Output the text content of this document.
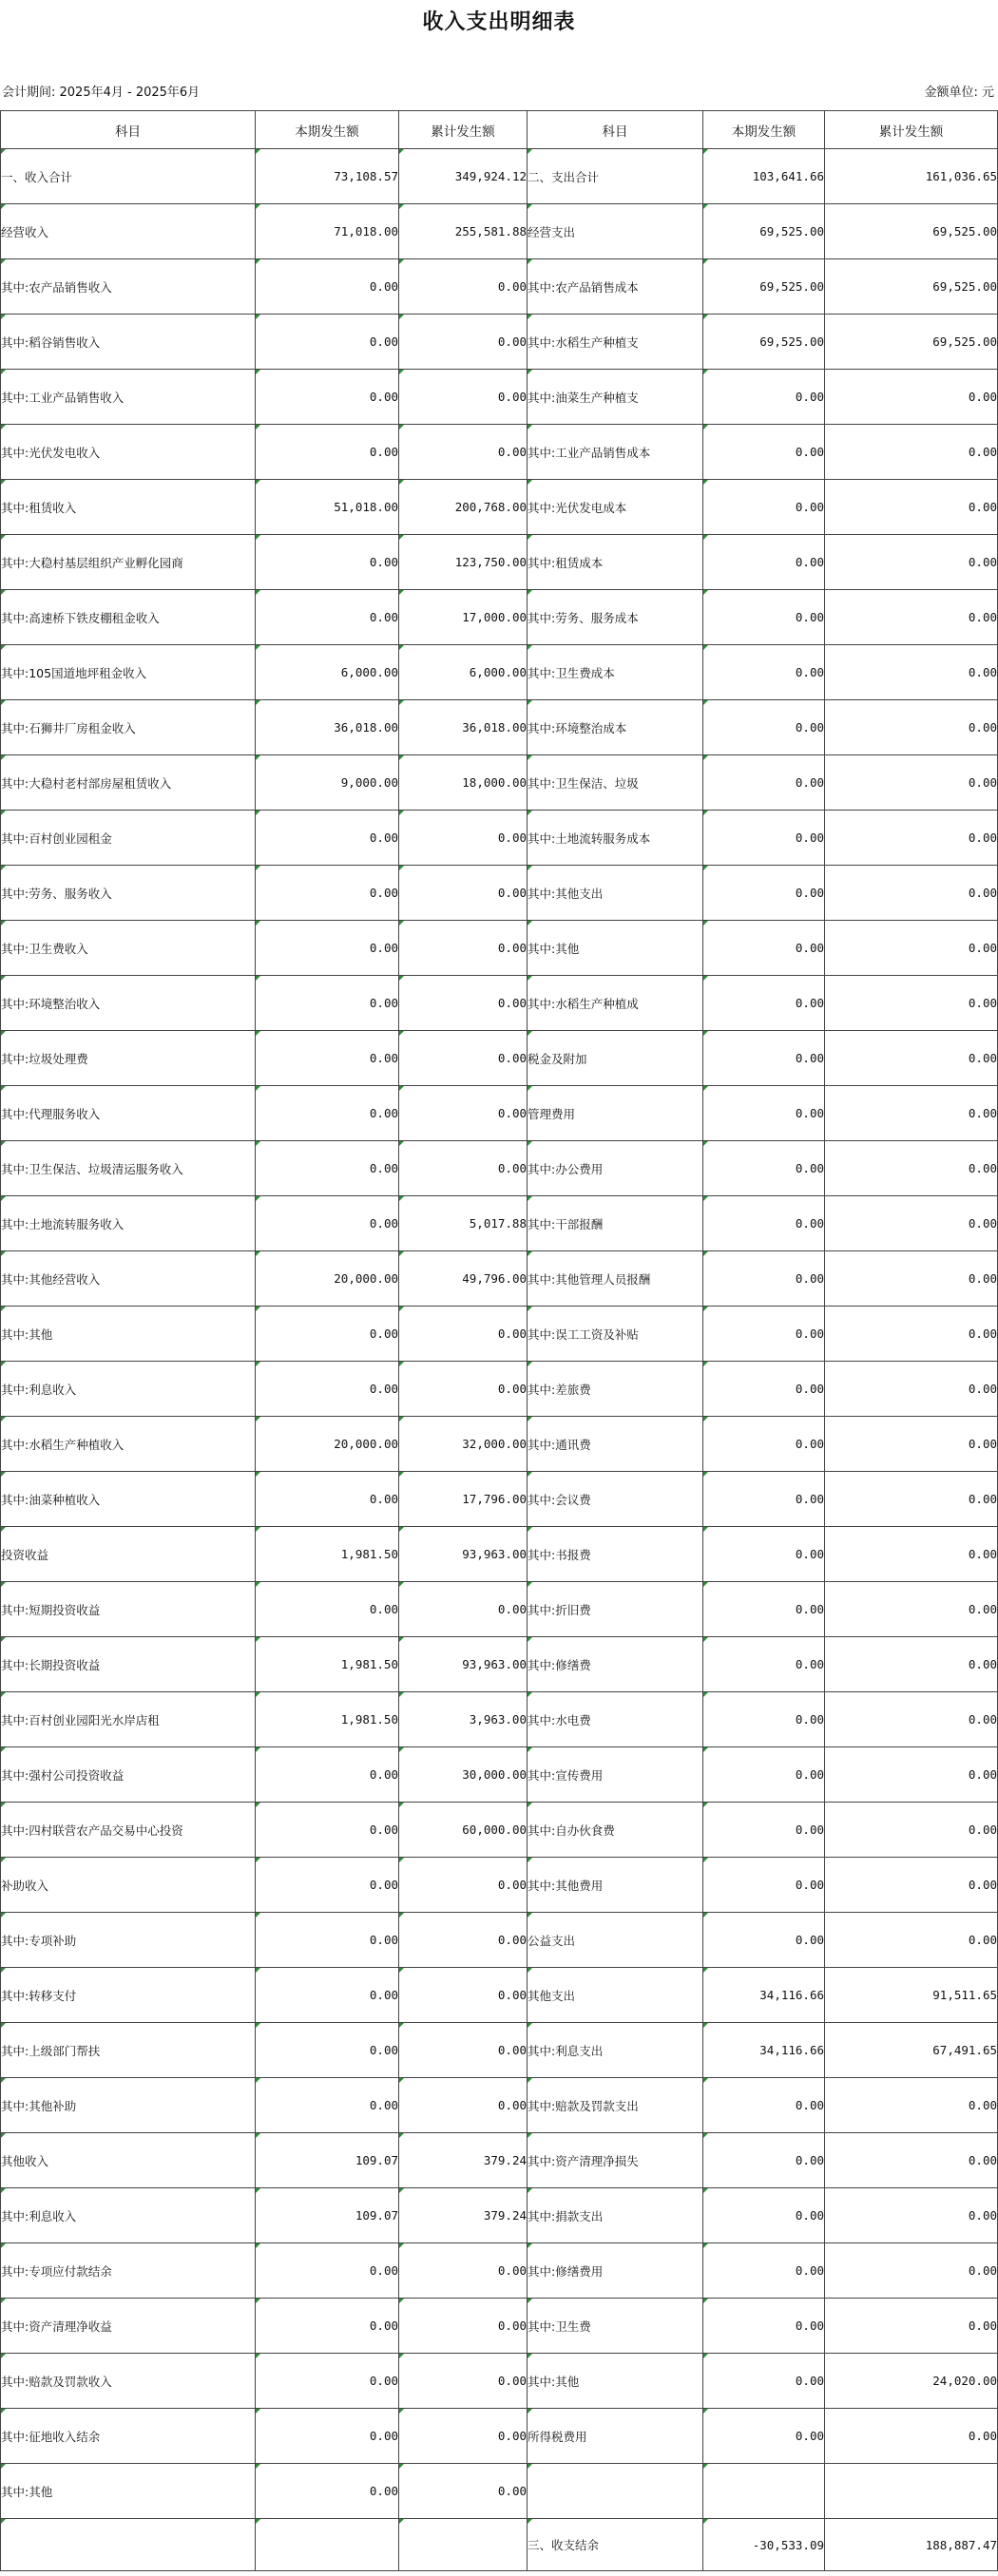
收入支出明细表
会计期间: 2025年4月 - 2025年6月	金额单位: 元
科目	本期发生额	累计发生额	科目	本期发生额	累计发生额
一、收入合计	73,108.57	349,924.12	二、支出合计	103,641.66	161,036.65
经营收入	71,018.00	255,581.88	经营支出	69,525.00	69,525.00
其中:农产品销售收入	0.00	0.00	其中:农产品销售成本	69,525.00	69,525.00
其中:稻谷销售收入	0.00	0.00	其中:水稻生产种植支	69,525.00	69,525.00
其中:工业产品销售收入	0.00	0.00	其中:油菜生产种植支	0.00	0.00
其中:光伏发电收入	0.00	0.00	其中:工业产品销售成本	0.00	0.00
其中:租赁收入	51,018.00	200,768.00	其中:光伏发电成本	0.00	0.00
其中:大稳村基层组织产业孵化园商	0.00	123,750.00	其中:租赁成本	0.00	0.00
其中:高速桥下铁皮棚租金收入	0.00	17,000.00	其中:劳务、服务成本	0.00	0.00
其中:105国道地坪租金收入	6,000.00	6,000.00	其中:卫生费成本	0.00	0.00
其中:石狮井厂房租金收入	36,018.00	36,018.00	其中:环境整治成本	0.00	0.00
其中:大稳村老村部房屋租赁收入	9,000.00	18,000.00	其中:卫生保洁、垃圾	0.00	0.00
其中:百村创业园租金	0.00	0.00	其中:土地流转服务成本	0.00	0.00
其中:劳务、服务收入	0.00	0.00	其中:其他支出	0.00	0.00
其中:卫生费收入	0.00	0.00	其中:其他	0.00	0.00
其中:环境整治收入	0.00	0.00	其中:水稻生产种植成	0.00	0.00
其中:垃圾处理费	0.00	0.00	税金及附加	0.00	0.00
其中:代理服务收入	0.00	0.00	管理费用	0.00	0.00
其中:卫生保洁、垃圾清运服务收入	0.00	0.00	其中:办公费用	0.00	0.00
其中:土地流转服务收入	0.00	5,017.88	其中:干部报酬	0.00	0.00
其中:其他经营收入	20,000.00	49,796.00	其中:其他管理人员报酬	0.00	0.00
其中:其他	0.00	0.00	其中:误工工资及补贴	0.00	0.00
其中:利息收入	0.00	0.00	其中:差旅费	0.00	0.00
其中:水稻生产种植收入	20,000.00	32,000.00	其中:通讯费	0.00	0.00
其中:油菜种植收入	0.00	17,796.00	其中:会议费	0.00	0.00
投资收益	1,981.50	93,963.00	其中:书报费	0.00	0.00
其中:短期投资收益	0.00	0.00	其中:折旧费	0.00	0.00
其中:长期投资收益	1,981.50	93,963.00	其中:修缮费	0.00	0.00
其中:百村创业园阳光水岸店租	1,981.50	3,963.00	其中:水电费	0.00	0.00
其中:强村公司投资收益	0.00	30,000.00	其中:宣传费用	0.00	0.00
其中:四村联营农产品交易中心投资	0.00	60,000.00	其中:自办伙食费	0.00	0.00
补助收入	0.00	0.00	其中:其他费用	0.00	0.00
其中:专项补助	0.00	0.00	公益支出	0.00	0.00
其中:转移支付	0.00	0.00	其他支出	34,116.66	91,511.65
其中:上级部门帮扶	0.00	0.00	其中:利息支出	34,116.66	67,491.65
其中:其他补助	0.00	0.00	其中:赔款及罚款支出	0.00	0.00
其他收入	109.07	379.24	其中:资产清理净损失	0.00	0.00
其中:利息收入	109.07	379.24	其中:捐款支出	0.00	0.00
其中:专项应付款结余	0.00	0.00	其中:修缮费用	0.00	0.00
其中:资产清理净收益	0.00	0.00	其中:卫生费	0.00	0.00
其中:赔款及罚款收入	0.00	0.00	其中:其他	0.00	24,020.00
其中:征地收入结余	0.00	0.00	所得税费用	0.00	0.00
其中:其他	0.00	0.00			
			三、收支结余	-30,533.09	188,887.47
